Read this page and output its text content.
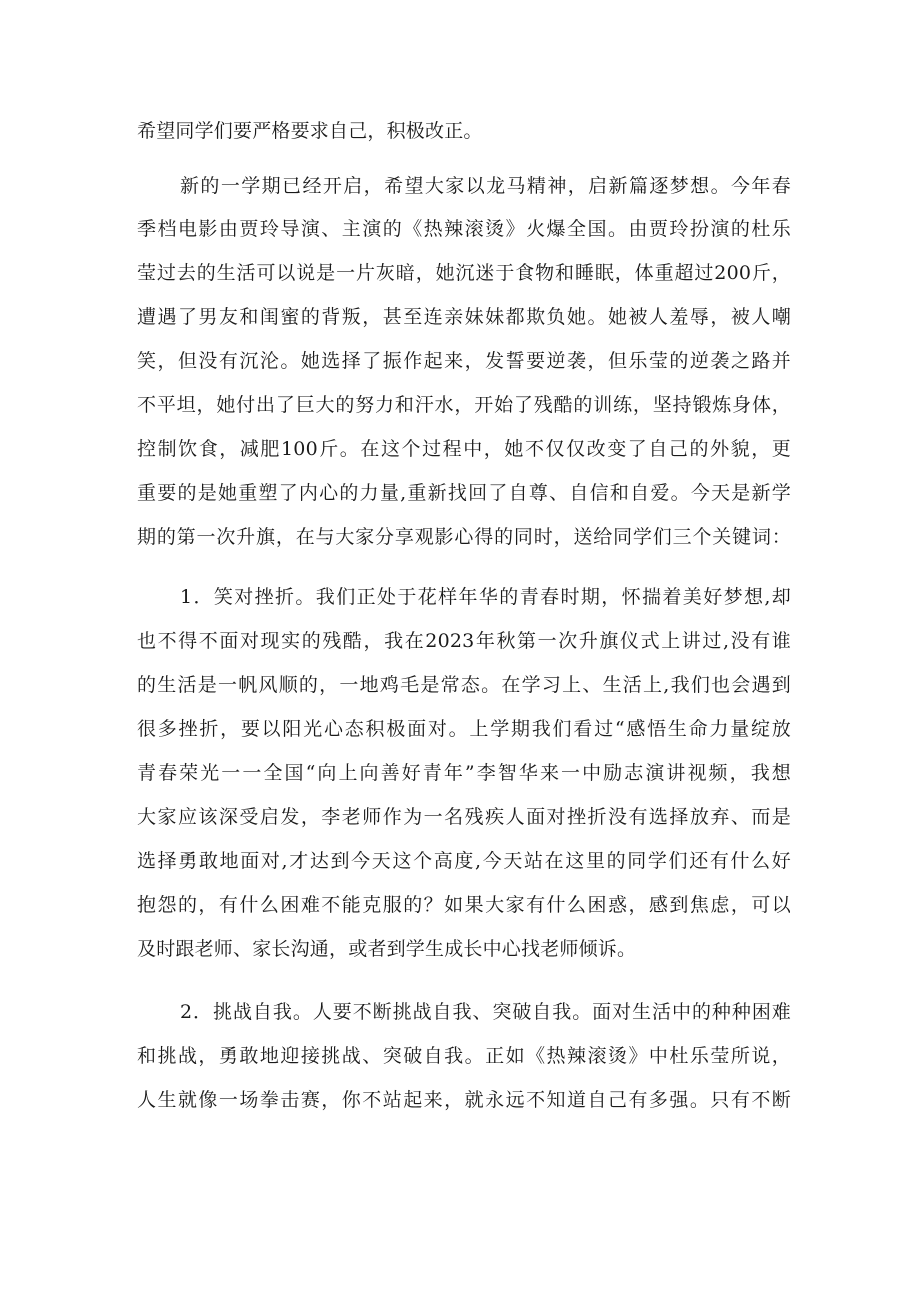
希望同学们要严格要求自己，积极改正。
新的一学期已经开启，希望大家以龙马精神，启新篇逐梦想。今年春
季档电影由贾玲导演、主演的《热辣滚烫》火爆全国。由贾玲扮演的杜乐
莹过去的生活可以说是一片灰暗，她沉迷于食物和睡眠，体重超过200斤，
遭遇了男友和闺蜜的背叛，甚至连亲妹妹都欺负她。她被人羞辱，被人嘲
笑，但没有沉沦。她选择了振作起来，发誓要逆袭，但乐莹的逆袭之路并
不平坦，她付出了巨大的努力和汗水，开始了残酷的训练，坚持锻炼身体，
控制饮食，减肥100斤。在这个过程中，她不仅仅改变了自己的外貌，更
重要的是她重塑了内心的力量,重新找回了自尊、自信和自爱。今天是新学
期的第一次升旗，在与大家分享观影心得的同时，送给同学们三个关键词：
1．笑对挫折。我们正处于花样年华的青春时期，怀揣着美好梦想,却
也不得不面对现实的残酷，我在2023年秋第一次升旗仪式上讲过,没有谁
的生活是一帆风顺的，一地鸡毛是常态。在学习上、生活上,我们也会遇到
很多挫折，要以阳光心态积极面对。上学期我们看过“感悟生命力量绽放
青春荣光一一全国“向上向善好青年”李智华来一中励志演讲视频，我想
大家应该深受启发，李老师作为一名残疾人面对挫折没有选择放弃、而是
选择勇敢地面对,才达到今天这个高度,今天站在这里的同学们还有什么好
抱怨的，有什么困难不能克服的？如果大家有什么困惑，感到焦虑，可以
及时跟老师、家长沟通，或者到学生成长中心找老师倾诉。
2．挑战自我。人要不断挑战自我、突破自我。面对生活中的种种困难
和挑战，勇敢地迎接挑战、突破自我。正如《热辣滚烫》中杜乐莹所说，
人生就像一场拳击赛，你不站起来，就永远不知道自己有多强。只有不断
